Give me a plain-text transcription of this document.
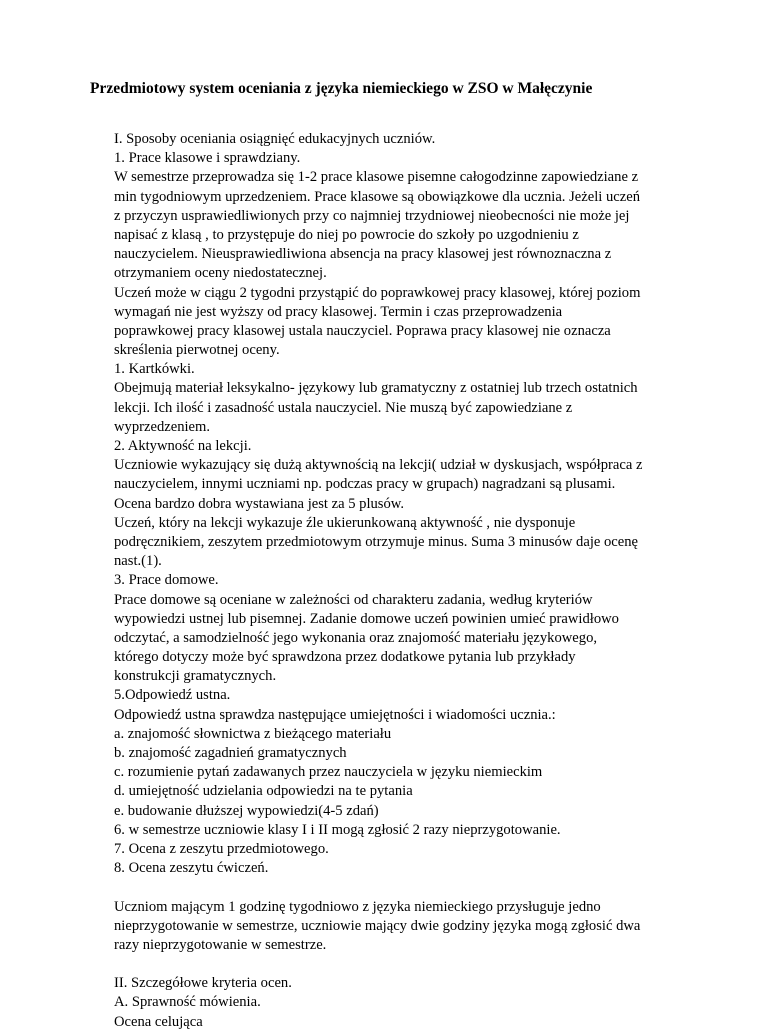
Przedmiotowy system oceniania z języka niemieckiego w ZSO w Małęczynie
I. Sposoby oceniania osiągnięć edukacyjnych uczniów.
1. Prace klasowe i sprawdziany.
W semestrze przeprowadza się 1-2 prace klasowe pisemne całogodzinne zapowiedziane z
min tygodniowym uprzedzeniem. Prace klasowe są obowiązkowe dla ucznia. Jeżeli uczeń
z przyczyn usprawiedliwionych przy co najmniej trzydniowej nieobecności nie może jej
napisać z klasą , to przystępuje do niej po powrocie do szkoły po uzgodnieniu z
nauczycielem. Nieusprawiedliwiona absencja na pracy klasowej jest równoznaczna z
otrzymaniem oceny niedostatecznej.
Uczeń może w ciągu 2 tygodni przystąpić do poprawkowej pracy klasowej, której poziom
wymagań nie jest wyższy od pracy klasowej. Termin i czas przeprowadzenia
poprawkowej pracy klasowej ustala nauczyciel. Poprawa pracy klasowej nie oznacza
skreślenia pierwotnej oceny.
1. Kartkówki.
Obejmują materiał leksykalno- językowy lub gramatyczny z ostatniej lub trzech ostatnich
lekcji. Ich ilość i zasadność ustala nauczyciel. Nie muszą być zapowiedziane z
wyprzedzeniem.
2. Aktywność na lekcji.
Uczniowie wykazujący się dużą aktywnością na lekcji( udział w dyskusjach, współpraca z
nauczycielem, innymi uczniami np. podczas pracy w grupach) nagradzani są plusami.
Ocena bardzo dobra wystawiana jest za 5 plusów.
Uczeń, który na lekcji wykazuje źle ukierunkowaną aktywność , nie dysponuje
podręcznikiem, zeszytem przedmiotowym otrzymuje minus. Suma 3 minusów daje ocenę
nast.(1).
3. Prace domowe.
Prace domowe są oceniane w zależności od charakteru zadania, według kryteriów
wypowiedzi ustnej lub pisemnej. Zadanie domowe uczeń powinien umieć prawidłowo
odczytać, a samodzielność jego wykonania oraz znajomość materiału językowego,
którego dotyczy może być sprawdzona przez dodatkowe pytania lub przykłady
konstrukcji gramatycznych.
5.Odpowiedź ustna.
Odpowiedź ustna sprawdza następujące umiejętności i wiadomości ucznia.:
a. znajomość słownictwa z bieżącego materiału
b. znajomość zagadnień gramatycznych
c. rozumienie pytań zadawanych przez nauczyciela w języku niemieckim
d. umiejętność udzielania odpowiedzi na te pytania
e. budowanie dłuższej wypowiedzi(4-5 zdań)
6. w semestrze uczniowie klasy I i II mogą zgłosić 2 razy nieprzygotowanie.
7. Ocena z zeszytu przedmiotowego.
8. Ocena zeszytu ćwiczeń.
Uczniom mającym 1 godzinę tygodniowo z języka niemieckiego przysługuje jedno
nieprzygotowanie w semestrze, uczniowie mający dwie godziny języka mogą zgłosić dwa
razy nieprzygotowanie w semestrze.
II. Szczegółowe kryteria ocen.
A. Sprawność mówienia.
Ocena celująca
